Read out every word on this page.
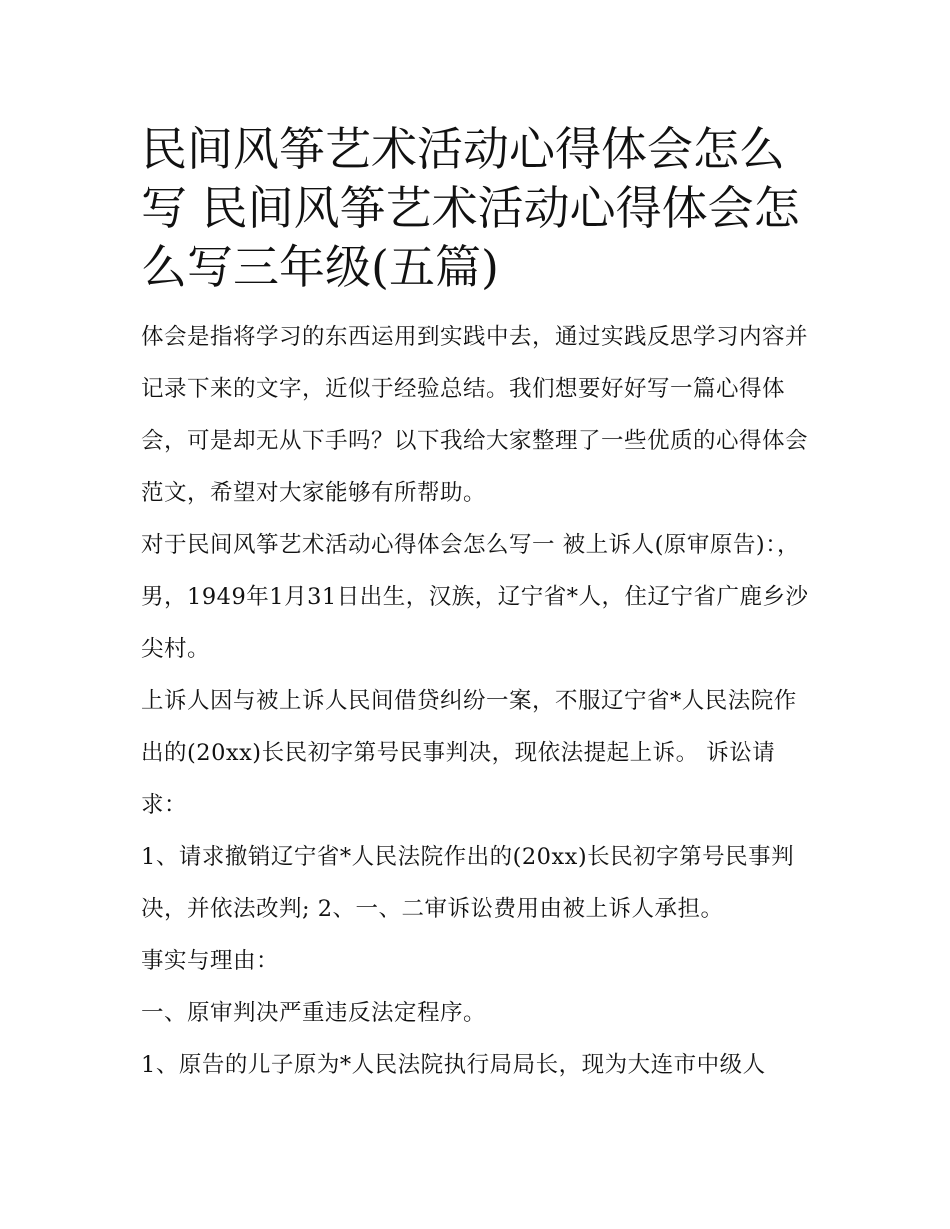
民间风筝艺术活动心得体会怎么写 民间风筝艺术活动心得体会怎么写三年级(五篇)

体会是指将学习的东西运用到实践中去，通过实践反思学习内容并记录下来的文字，近似于经验总结。我们想要好好写一篇心得体会，可是却无从下手吗？以下我给大家整理了一些优质的心得体会范文，希望对大家能够有所帮助。

对于民间风筝艺术活动心得体会怎么写一 被上诉人(原审原告)：，男，1949年1月31日出生，汉族，辽宁省*人，住辽宁省广鹿乡沙尖村。

上诉人因与被上诉人民间借贷纠纷一案，不服辽宁省*人民法院作出的(20xx)长民初字第号民事判决，现依法提起上诉。 诉讼请求：

1、请求撤销辽宁省*人民法院作出的(20xx)长民初字第号民事判决，并依法改判; 2、一、二审诉讼费用由被上诉人承担。

事实与理由：

一、原审判决严重违反法定程序。

1、原告的儿子原为*人民法院执行局局长，现为大连市中级人
